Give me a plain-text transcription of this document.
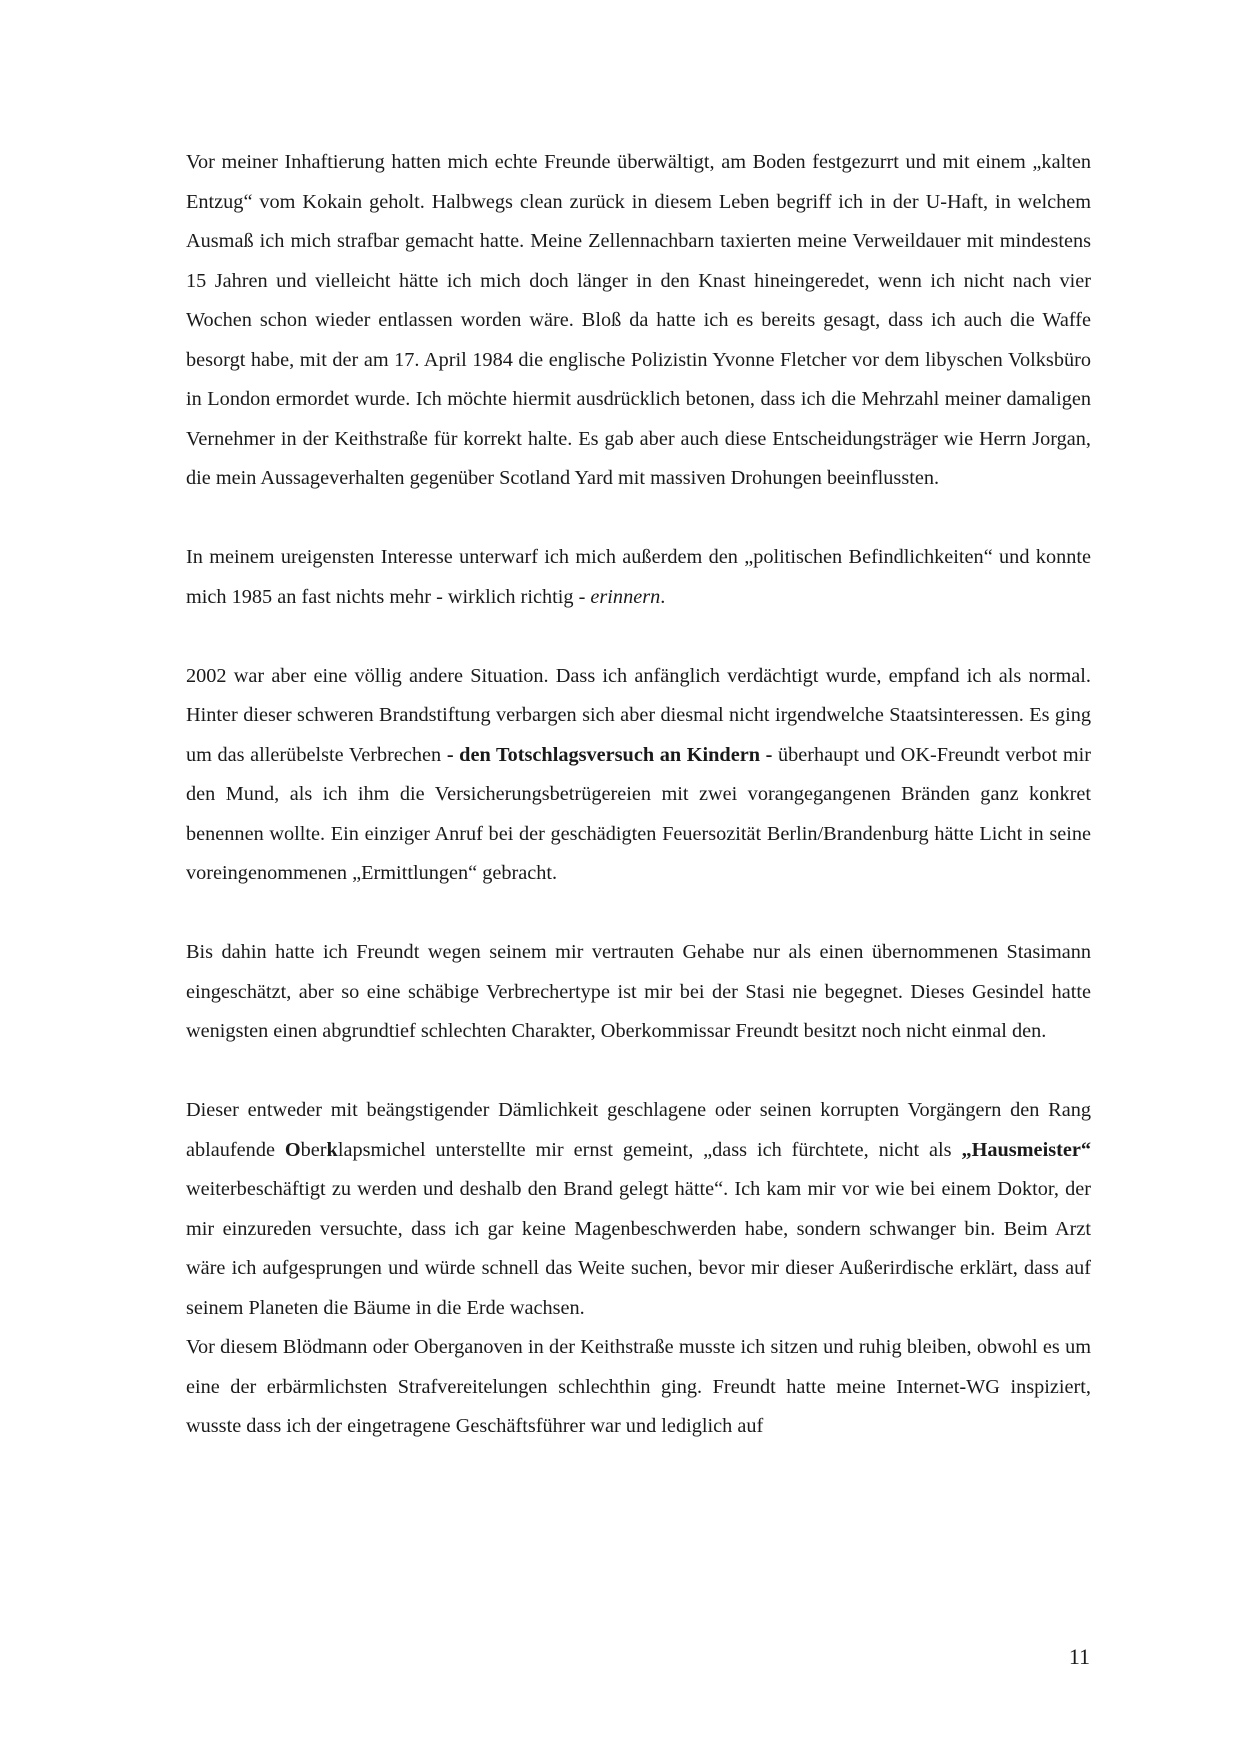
Vor meiner Inhaftierung hatten mich echte Freunde überwältigt, am Boden festgezurrt und mit einem „kalten Entzug“ vom Kokain geholt. Halbwegs clean zurück in diesem Leben begriff ich in der U-Haft, in welchem Ausmaß ich mich strafbar gemacht hatte. Meine Zellennachbarn taxierten meine Verweildauer mit mindestens 15 Jahren und vielleicht hätte ich mich doch länger in den Knast hineingeredet, wenn ich nicht nach vier Wochen schon wieder entlassen worden wäre. Bloß da hatte ich es bereits gesagt, dass ich auch die Waffe besorgt habe, mit der am 17. April 1984 die englische Polizistin Yvonne Fletcher vor dem libyschen Volksbüro in London ermordet wurde. Ich möchte hiermit ausdrücklich betonen, dass ich die Mehrzahl meiner damaligen Vernehmer in der Keithstraße für korrekt halte. Es gab aber auch diese Entscheidungsträger wie Herrn Jorgan, die mein Aussageverhalten gegenüber Scotland Yard mit massiven Drohungen beeinflussten.

In meinem ureigensten Interesse unterwarf ich mich außerdem den „politischen Befindlichkeiten“ und konnte mich 1985 an fast nichts mehr - wirklich richtig - erinnern.

2002 war aber eine völlig andere Situation. Dass ich anfänglich verdächtigt wurde, empfand ich als normal. Hinter dieser schweren Brandstiftung verbargen sich aber diesmal nicht irgendwelche Staatsinteressen. Es ging um das allerübelste Verbrechen - den Totschlagsversuch an Kindern - überhaupt und OK-Freundt verbot mir den Mund, als ich ihm die Versicherungsbetrügereien mit zwei vorangegangenen Bränden ganz konkret benennen wollte. Ein einziger Anruf bei der geschädigten Feuersozität Berlin/Brandenburg hätte Licht in seine voreingenommenen „Ermittlungen“ gebracht.

Bis dahin hatte ich Freundt wegen seinem mir vertrauten Gehabe nur als einen übernommenen Stasimann eingeschätzt, aber so eine schäbige Verbrechertype ist mir bei der Stasi nie begegnet. Dieses Gesindel hatte wenigsten einen abgrundtief schlechten Charakter, Oberkommissar Freundt besitzt noch nicht einmal den.

Dieser entweder mit beängstigender Dämlichkeit geschlagene oder seinen korrupten Vorgängern den Rang ablaufende Oberklapsmichel unterstellte mir ernst gemeint, „dass ich fürchtete, nicht als „Hausmeister“ weiterbeschäftigt zu werden und deshalb den Brand gelegt hätte“. Ich kam mir vor wie bei einem Doktor, der mir einzureden versuchte, dass ich gar keine Magenbeschwerden habe, sondern schwanger bin. Beim Arzt wäre ich aufgesprungen und würde schnell das Weite suchen, bevor mir dieser Außerirdische erklärt, dass auf seinem Planeten die Bäume in die Erde wachsen.

Vor diesem Blödmann oder Oberganoven in der Keithstraße musste ich sitzen und ruhig bleiben, obwohl es um eine der erbärmlichsten Strafvereitelungen schlechthin ging. Freundt hatte meine Internet-WG inspiziert, wusste dass ich der eingetragene Geschäftsführer war und lediglich auf

11
